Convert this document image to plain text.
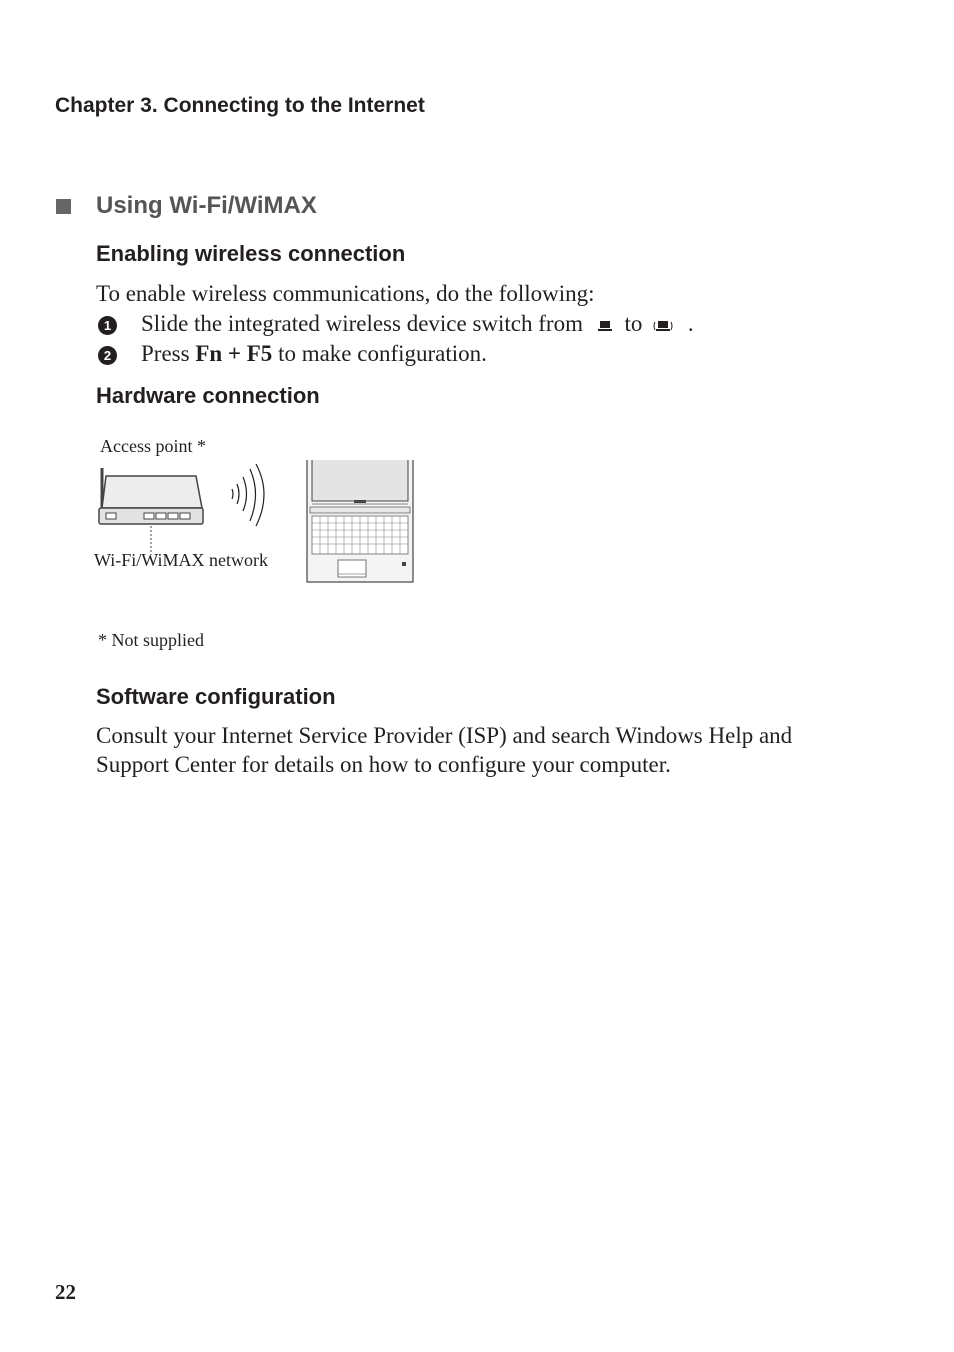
Chapter 3. Connecting to the Internet
Using Wi-Fi/WiMAX
Enabling wireless connection
To enable wireless communications, do the following:
1 Slide the integrated wireless device switch from to .
2 Press Fn + F5 to make configuration.
Hardware connection
Access point *
Wi-Fi/WiMAX network
* Not supplied
Software configuration
Consult your Internet Service Provider (ISP) and search Windows Help and
Support Center for details on how to configure your computer.
22
